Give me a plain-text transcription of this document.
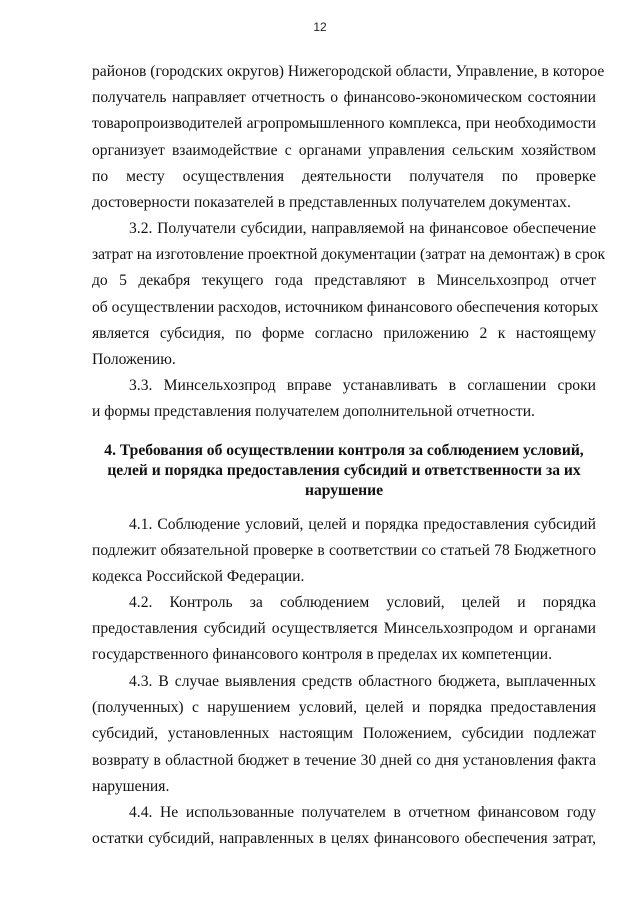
12
районов (городских округов) Нижегородской области, Управление, в которое
получатель направляет отчетность о финансово-экономическом состоянии
товаропроизводителей агропромышленного комплекса, при необходимости
организует взаимодействие с органами управления сельским хозяйством
по месту осуществления деятельности получателя по проверке
достоверности показателей в представленных получателем документах.
3.2. Получатели субсидии, направляемой на финансовое обеспечение
затрат на изготовление проектной документации (затрат на демонтаж) в срок
до 5 декабря текущего года представляют в Минсельхозпрод отчет
об осуществлении расходов, источником финансового обеспечения которых
является субсидия, по форме согласно приложению 2 к настоящему
Положению.
3.3. Минсельхозпрод вправе устанавливать в соглашении сроки
и формы представления получателем дополнительной отчетности.
4. Требования об осуществлении контроля за соблюдением условий,
целей и порядка предоставления субсидий и ответственности за их
нарушение
4.1. Соблюдение условий, целей и порядка предоставления субсидий
подлежит обязательной проверке в соответствии со статьей 78 Бюджетного
кодекса Российской Федерации.
4.2. Контроль за соблюдением условий, целей и порядка
предоставления субсидий осуществляется Минсельхозпродом и органами
государственного финансового контроля в пределах их компетенции.
4.3. В случае выявления средств областного бюджета, выплаченных
(полученных) с нарушением условий, целей и порядка предоставления
субсидий, установленных настоящим Положением, субсидии подлежат
возврату в областной бюджет в течение 30 дней со дня установления факта
нарушения.
4.4. Не использованные получателем в отчетном финансовом году
остатки субсидий, направленных в целях финансового обеспечения затрат,
